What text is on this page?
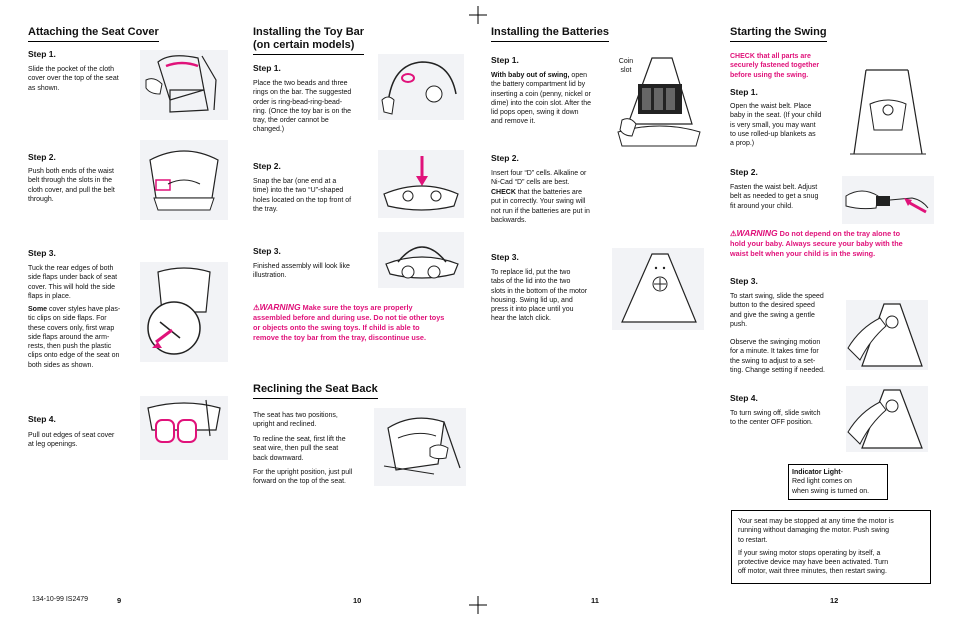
Attaching the Seat Cover
Step 1.
Slide the pocket of the cloth
cover over the top of the seat
as shown.
Step 2.
Push both ends of the waist
belt through the slots in the
cloth cover, and pull the belt
through.
Step 3.
Tuck the rear edges of both
side flaps under back of seat
cover. This will hold the side
flaps in place.
Some cover styles have plas-
tic clips on side flaps. For
these covers only, first wrap
side flaps around the arm-
rests, then push the plastic
clips onto edge of the seat on
both sides as shown.
Step 4.
Pull out edges of seat cover
at leg openings.
134-10-99 IS2479	9
Installing the Toy Bar
(on certain models)
Step 1.
Place the two beads and three
rings on the bar. The suggested
order is ring-bead-ring-bead-
ring. (Once the toy bar is on the
tray, the order cannot be
changed.)
Step 2.
Snap the bar (one end at a
time) into the two “U”-shaped
holes located on the top front of
the tray.
Step 3.
Finished assembly will look like
illustration.
⚠WARNING Make sure the toys are properly
assembled before and during use. Do not tie other toys
or objects onto the swing toys. If child is able to
remove the toy bar from the tray, discontinue use.
Reclining the Seat Back
The seat has two positions,
upright and reclined.
To recline the seat, first lift the
seat wire, then pull the seat
back downward.
For the upright position, just pull
forward on the top of the seat.
10
Installing the Batteries
Step 1.
With baby out of swing, open
the battery compartment lid by
inserting a coin (penny, nickel or
dime) into the coin slot. After the
lid pops open, swing it down
and remove it.
Coin
slot
Step 2.
Insert four “D” cells. Alkaline or
Ni-Cad “D” cells are best.
CHECK that the batteries are
put in correctly. Your swing will
not run if the batteries are put in
backwards.
Step 3.
To replace lid, put the two
tabs of the lid into the two
slots in the bottom of the motor
housing. Swing lid up, and
press it into place until you
hear the latch click.
11
Starting the Swing
CHECK that all parts are
securely fastened together
before using the swing.
Step 1.
Open the waist belt. Place
baby in the seat. (If your child
is very small, you may want
to use rolled-up blankets as
a prop.)
Step 2.
Fasten the waist belt. Adjust
belt as needed to get a snug
fit around your child.
⚠WARNING Do not depend on the tray alone to
hold your baby. Always secure your baby with the
waist belt when your child is in the swing.
Step 3.
To start swing, slide the speed
button to the desired speed
and give the swing a gentle
push.
Observe the swinging motion
for a minute. It takes time for
the swing to adjust to a set-
ting. Change setting if needed.
Step 4.
To turn swing off, slide switch
to the center OFF position.
Indicator Light-
Red light comes on
when swing is turned on.
Your seat may be stopped at any time the motor is
running without damaging the motor. Push swing
to restart.
If your swing motor stops operating by itself, a
protective device may have been activated. Turn
off motor, wait three minutes, then restart swing.
12
